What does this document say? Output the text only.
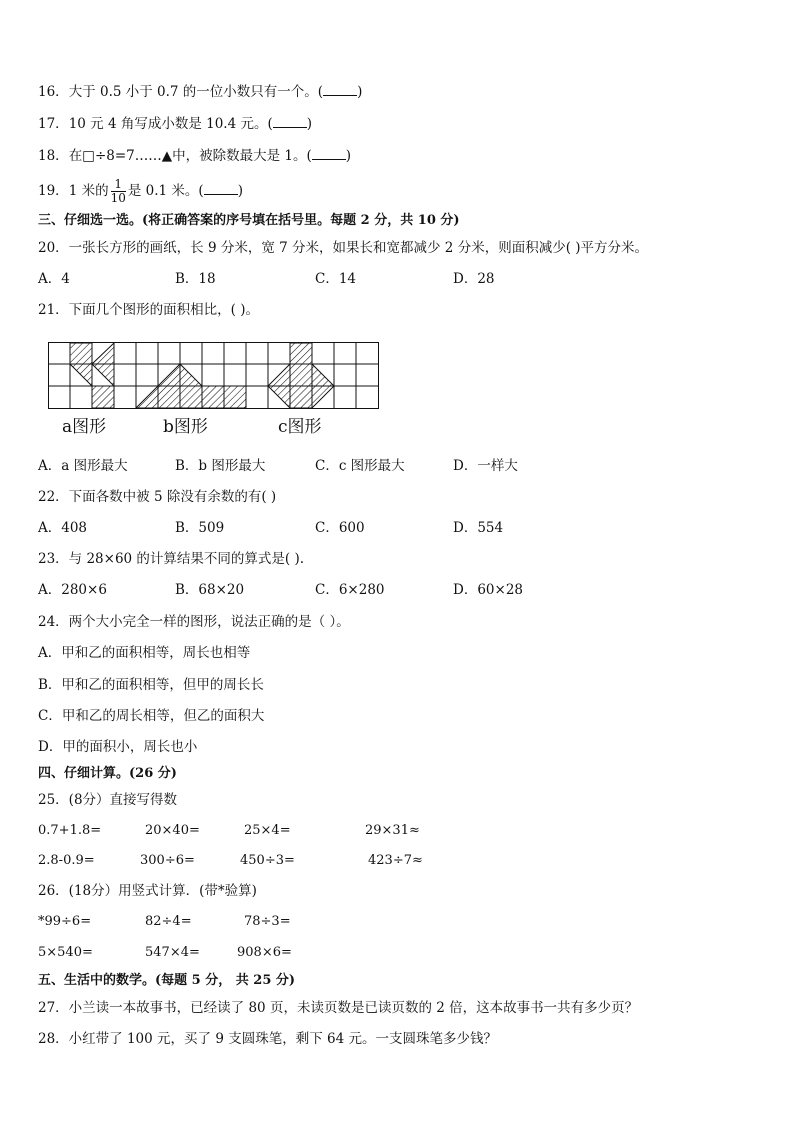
16．大于 0.5 小于 0.7 的一位小数只有一个。(	)
17．10 元 4 角写成小数是 10.4 元。(	)
18．在□÷8=7……▲中，被除数最大是 1。(	)
19．1 米的 $\frac{1}{10}$ 是 0.1 米。(	)
三、仔细选一选。(将正确答案的序号填在括号里。每题 2 分，共 10 分)
20．一张长方形的画纸，长 9 分米，宽 7 分米，如果长和宽都减少 2 分米，则面积减少( )平方分米。
A．4	B．18	C．14	D．28
21．下面几个图形的面积相比，( )。
a图形	b图形	c图形
A．a 图形最大	B．b 图形最大	C．c 图形最大	D．一样大
22．下面各数中被 5 除没有余数的有( )
A．408	B．509	C．600	D．554
23．与 28×60 的计算结果不同的算式是( ).
A．280×6	B．68×20	C．6×280	D．60×28
24．两个大小完全一样的图形，说法正确的是（ ）。
A．甲和乙的面积相等，周长也相等
B．甲和乙的面积相等，但甲的周长长
C．甲和乙的周长相等，但乙的面积大
D．甲的面积小，周长也小
四、仔细计算。(26 分)
25．(8分）直接写得数
0.7+1.8=	20×40=	25×4=	29×31≈
2.8-0.9=	300÷6=	450÷3=	423÷7≈
26．(18分）用竖式计算．(带*验算)
*99÷6=	82÷4=	78÷3=
5×540=	547×4=	908×6=
五、生活中的数学。(每题 5 分， 共 25 分)
27．小兰读一本故事书，已经读了 80 页，未读页数是已读页数的 2 倍，这本故事书一共有多少页？
28．小红带了 100 元，买了 9 支圆珠笔，剩下 64 元。一支圆珠笔多少钱？
